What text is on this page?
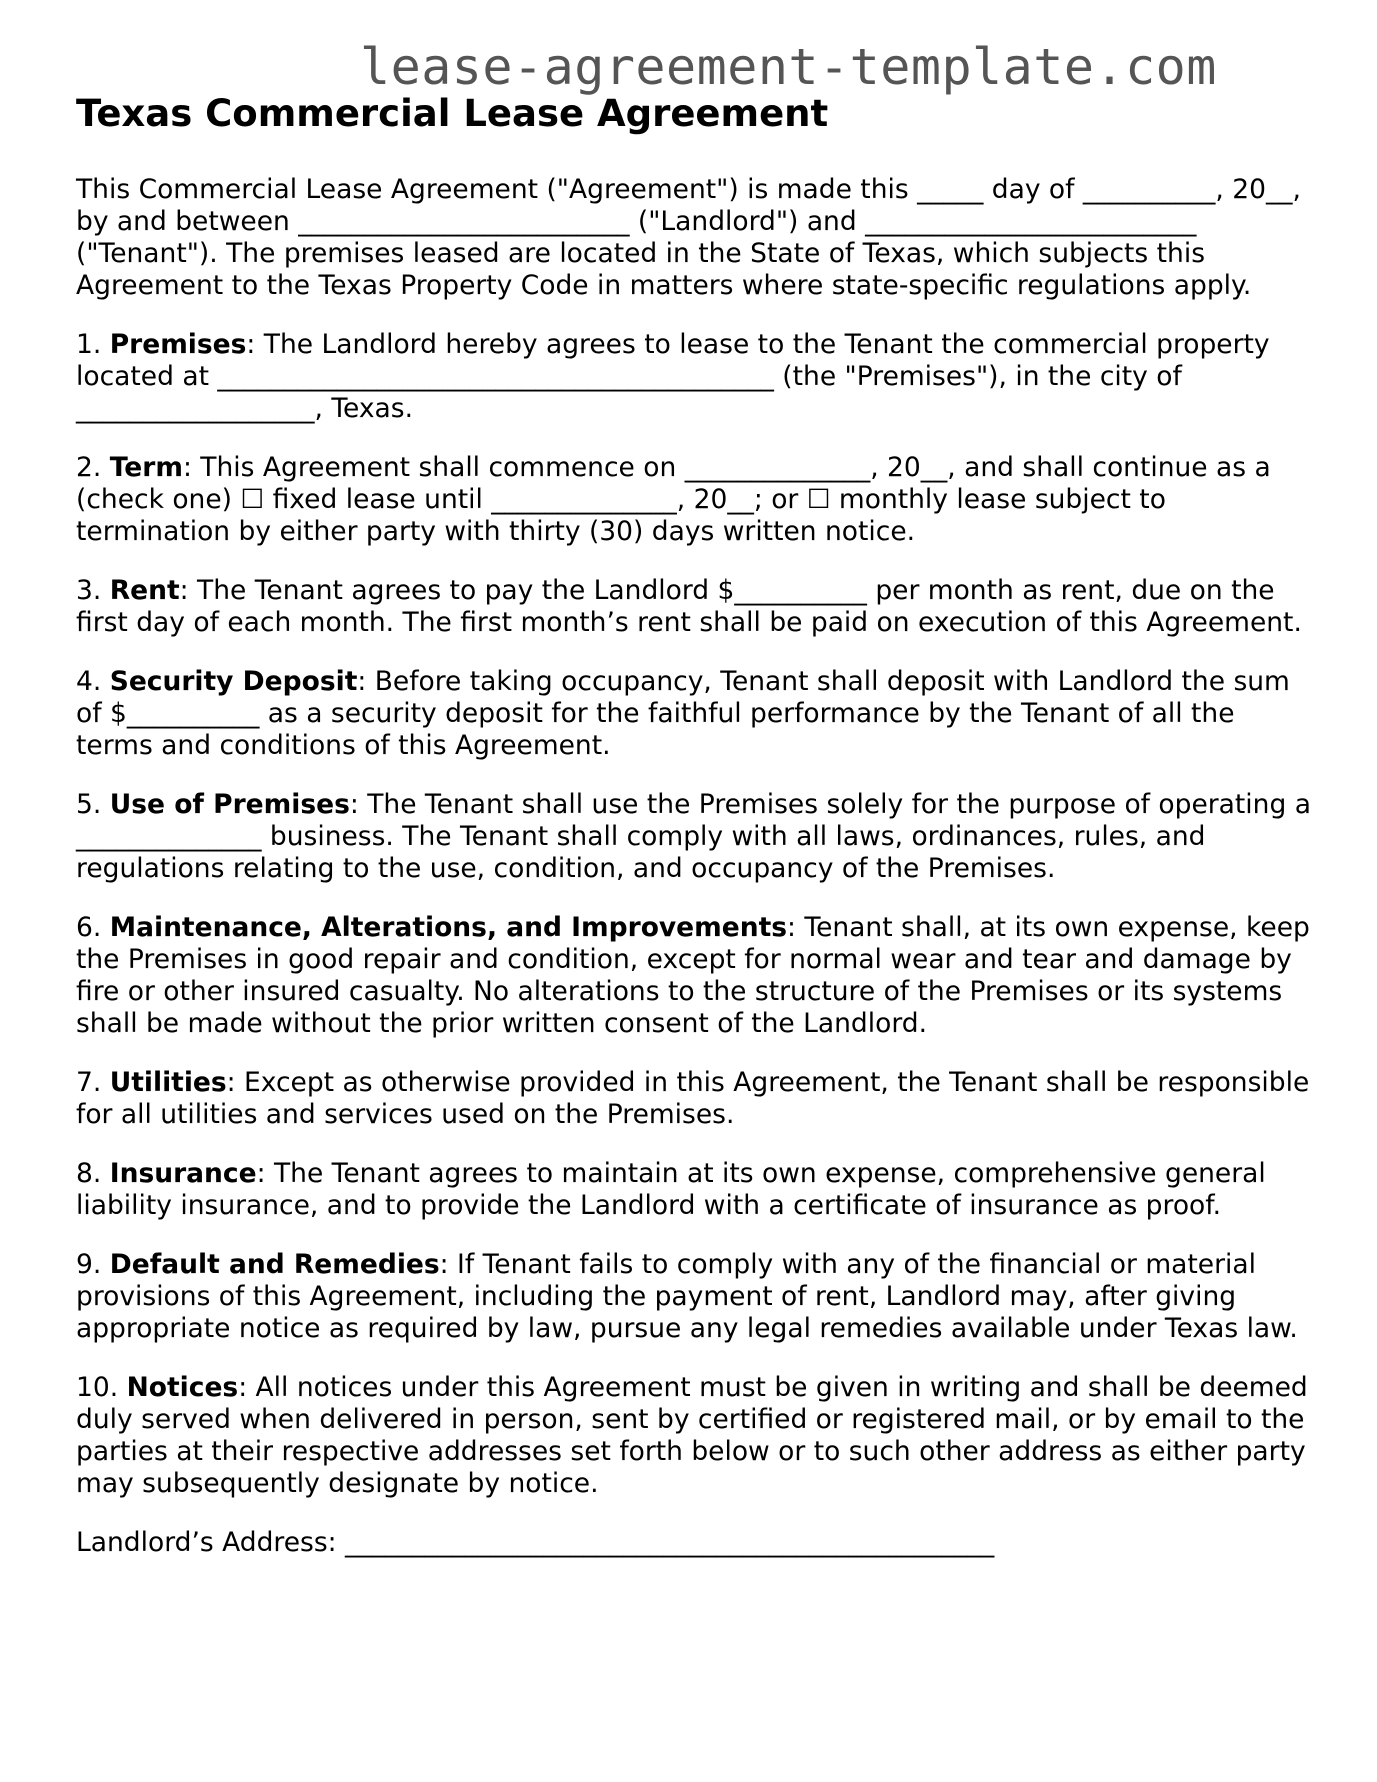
lease-agreement-template.com
Texas Commercial Lease Agreement

This Commercial Lease Agreement ("Agreement") is made this _____ day of __________, 20__, by and between _________________________ ("Landlord") and _________________________ ("Tenant"). The premises leased are located in the State of Texas, which subjects this Agreement to the Texas Property Code in matters where state-specific regulations apply.

1. Premises: The Landlord hereby agrees to lease to the Tenant the commercial property located at __________________________________________ (the "Premises"), in the city of __________________, Texas.

2. Term: This Agreement shall commence on ______________, 20__, and shall continue as a (check one) ☐ fixed lease until ______________, 20__; or ☐ monthly lease subject to termination by either party with thirty (30) days written notice.

3. Rent: The Tenant agrees to pay the Landlord $__________ per month as rent, due on the first day of each month. The first month’s rent shall be paid on execution of this Agreement.

4. Security Deposit: Before taking occupancy, Tenant shall deposit with Landlord the sum of $__________ as a security deposit for the faithful performance by the Tenant of all the terms and conditions of this Agreement.

5. Use of Premises: The Tenant shall use the Premises solely for the purpose of operating a ______________ business. The Tenant shall comply with all laws, ordinances, rules, and regulations relating to the use, condition, and occupancy of the Premises.

6. Maintenance, Alterations, and Improvements: Tenant shall, at its own expense, keep the Premises in good repair and condition, except for normal wear and tear and damage by fire or other insured casualty. No alterations to the structure of the Premises or its systems shall be made without the prior written consent of the Landlord.

7. Utilities: Except as otherwise provided in this Agreement, the Tenant shall be responsible for all utilities and services used on the Premises.

8. Insurance: The Tenant agrees to maintain at its own expense, comprehensive general liability insurance, and to provide the Landlord with a certificate of insurance as proof.

9. Default and Remedies: If Tenant fails to comply with any of the financial or material provisions of this Agreement, including the payment of rent, Landlord may, after giving appropriate notice as required by law, pursue any legal remedies available under Texas law.

10. Notices: All notices under this Agreement must be given in writing and shall be deemed duly served when delivered in person, sent by certified or registered mail, or by email to the parties at their respective addresses set forth below or to such other address as either party may subsequently designate by notice.

Landlord’s Address: _________________________________________________
